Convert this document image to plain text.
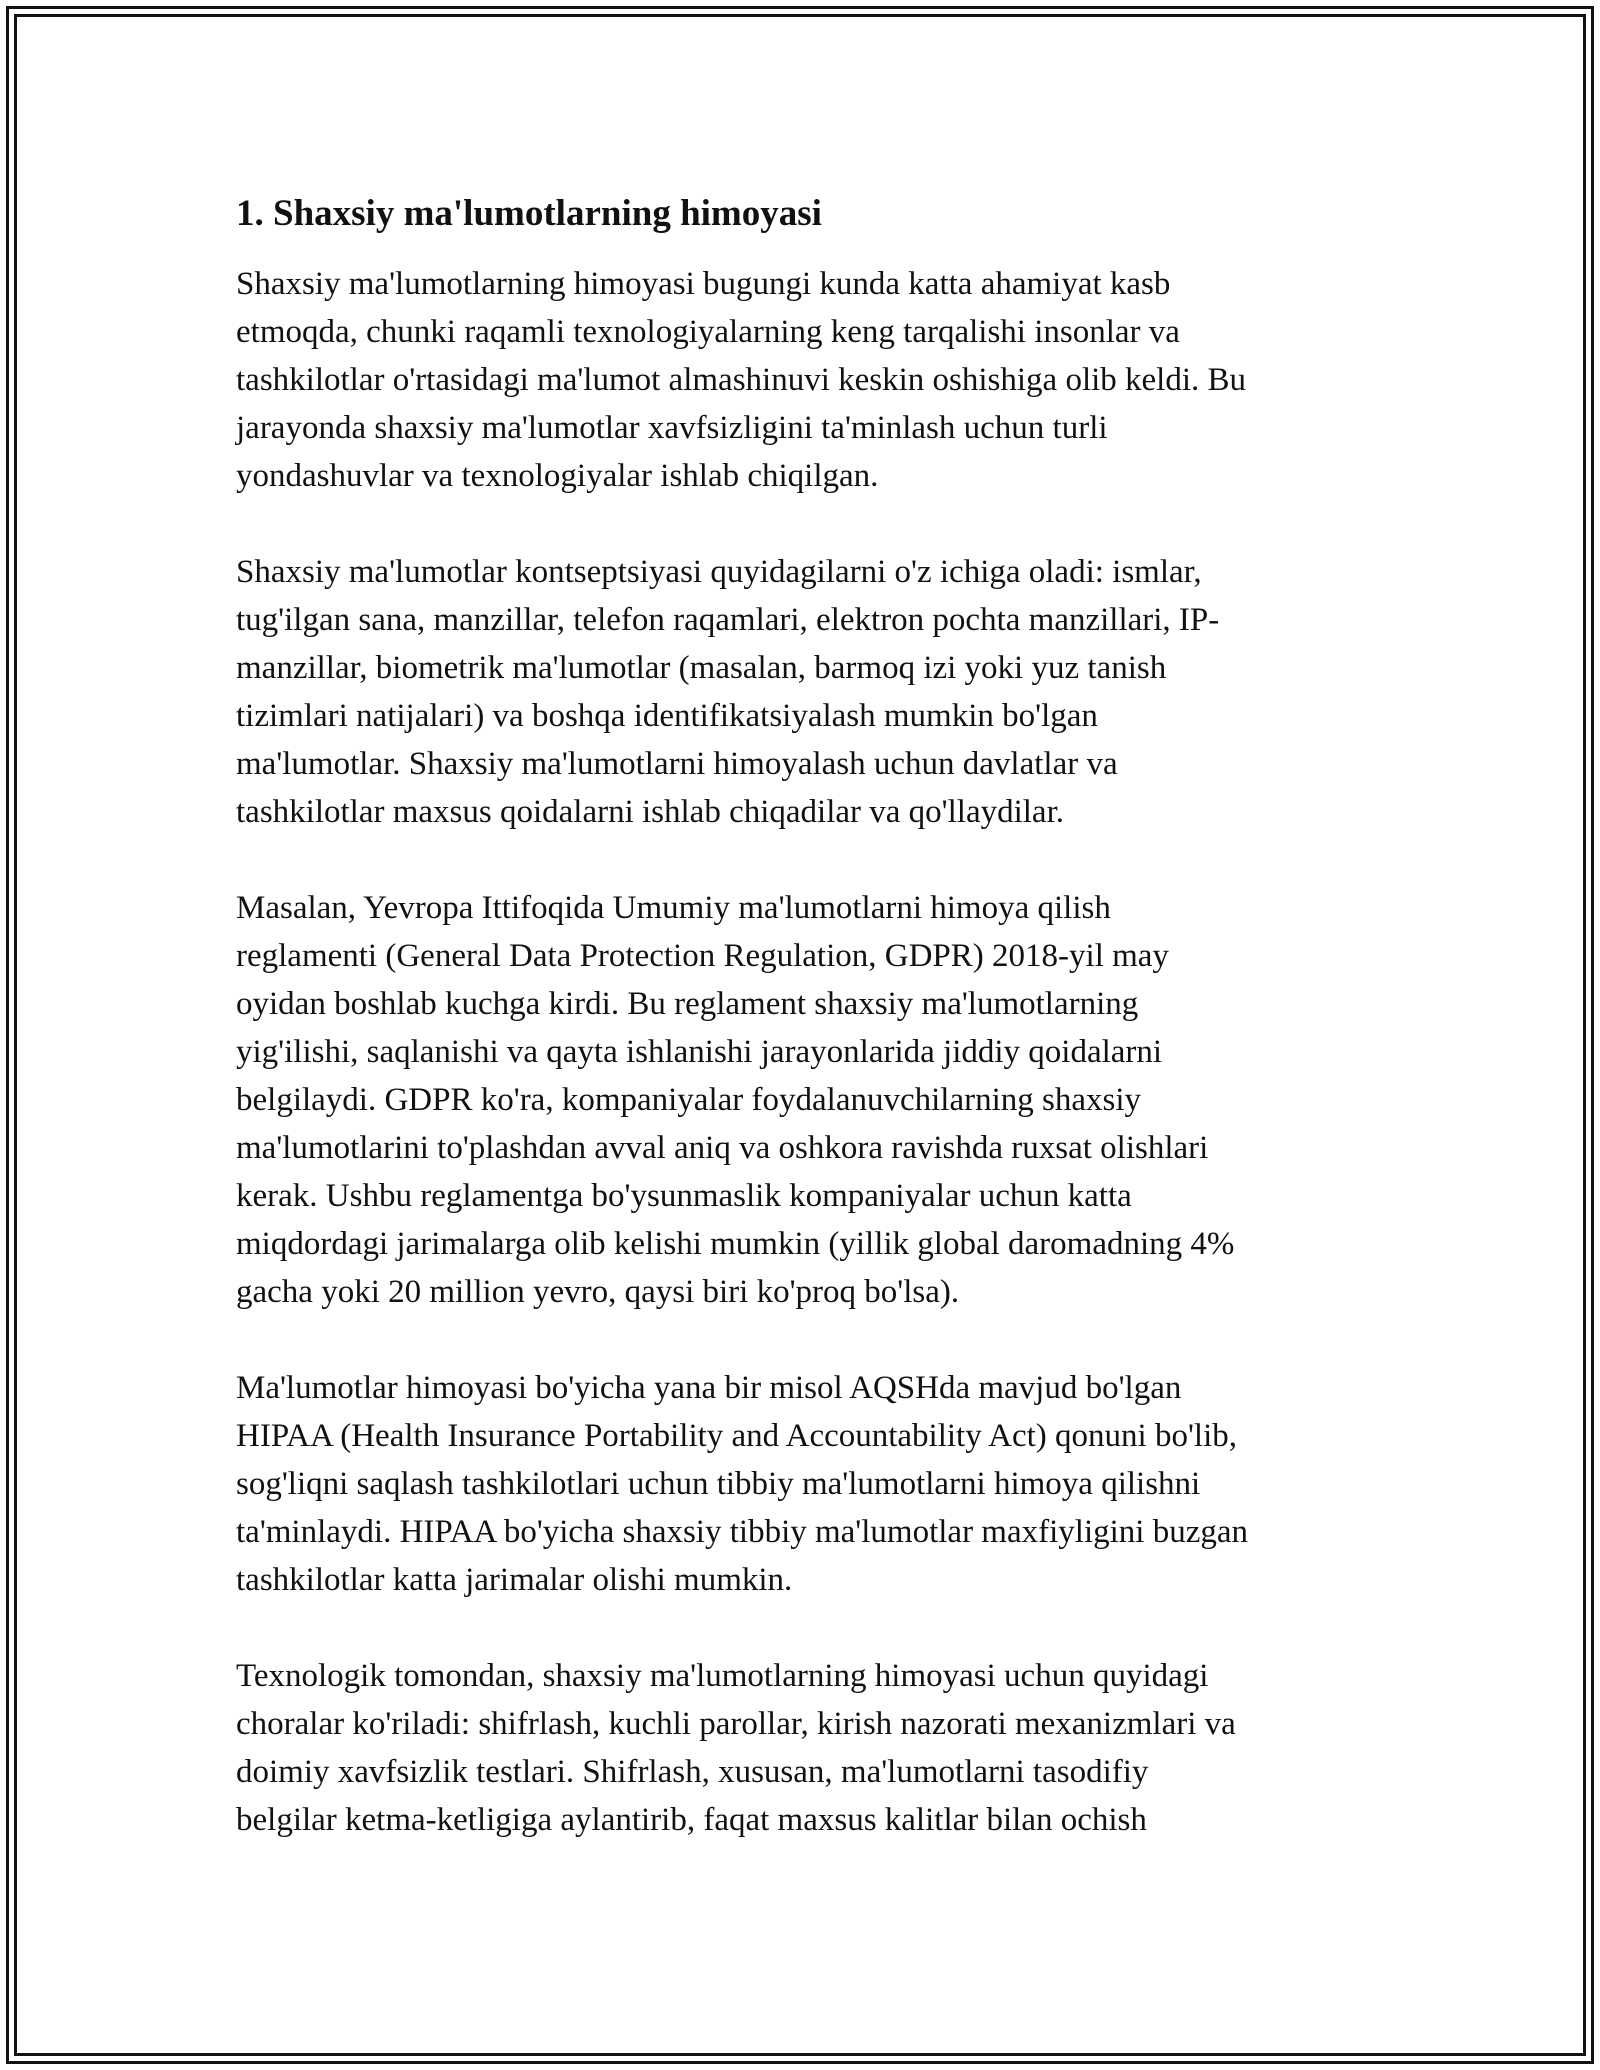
1. Shaxsiy ma'lumotlarning himoyasi

Shaxsiy ma'lumotlarning himoyasi bugungi kunda katta ahamiyat kasb
etmoqda, chunki raqamli texnologiyalarning keng tarqalishi insonlar va
tashkilotlar o'rtasidagi ma'lumot almashinuvi keskin oshishiga olib keldi. Bu
jarayonda shaxsiy ma'lumotlar xavfsizligini ta'minlash uchun turli
yondashuvlar va texnologiyalar ishlab chiqilgan.

Shaxsiy ma'lumotlar kontseptsiyasi quyidagilarni o'z ichiga oladi: ismlar,
tug'ilgan sana, manzillar, telefon raqamlari, elektron pochta manzillari, IP-
manzillar, biometrik ma'lumotlar (masalan, barmoq izi yoki yuz tanish
tizimlari natijalari) va boshqa identifikatsiyalash mumkin bo'lgan
ma'lumotlar. Shaxsiy ma'lumotlarni himoyalash uchun davlatlar va
tashkilotlar maxsus qoidalarni ishlab chiqadilar va qo'llaydilar.

Masalan, Yevropa Ittifoqida Umumiy ma'lumotlarni himoya qilish
reglamenti (General Data Protection Regulation, GDPR) 2018-yil may
oyidan boshlab kuchga kirdi. Bu reglament shaxsiy ma'lumotlarning
yig'ilishi, saqlanishi va qayta ishlanishi jarayonlarida jiddiy qoidalarni
belgilaydi. GDPR ko'ra, kompaniyalar foydalanuvchilarning shaxsiy
ma'lumotlarini to'plashdan avval aniq va oshkora ravishda ruxsat olishlari
kerak. Ushbu reglamentga bo'ysunmaslik kompaniyalar uchun katta
miqdordagi jarimalarga olib kelishi mumkin (yillik global daromadning 4%
gacha yoki 20 million yevro, qaysi biri ko'proq bo'lsa).

Ma'lumotlar himoyasi bo'yicha yana bir misol AQSHda mavjud bo'lgan
HIPAA (Health Insurance Portability and Accountability Act) qonuni bo'lib,
sog'liqni saqlash tashkilotlari uchun tibbiy ma'lumotlarni himoya qilishni
ta'minlaydi. HIPAA bo'yicha shaxsiy tibbiy ma'lumotlar maxfiyligini buzgan
tashkilotlar katta jarimalar olishi mumkin.

Texnologik tomondan, shaxsiy ma'lumotlarning himoyasi uchun quyidagi
choralar ko'riladi: shifrlash, kuchli parollar, kirish nazorati mexanizmlari va
doimiy xavfsizlik testlari. Shifrlash, xususan, ma'lumotlarni tasodifiy
belgilar ketma-ketligiga aylantirib, faqat maxsus kalitlar bilan ochish
